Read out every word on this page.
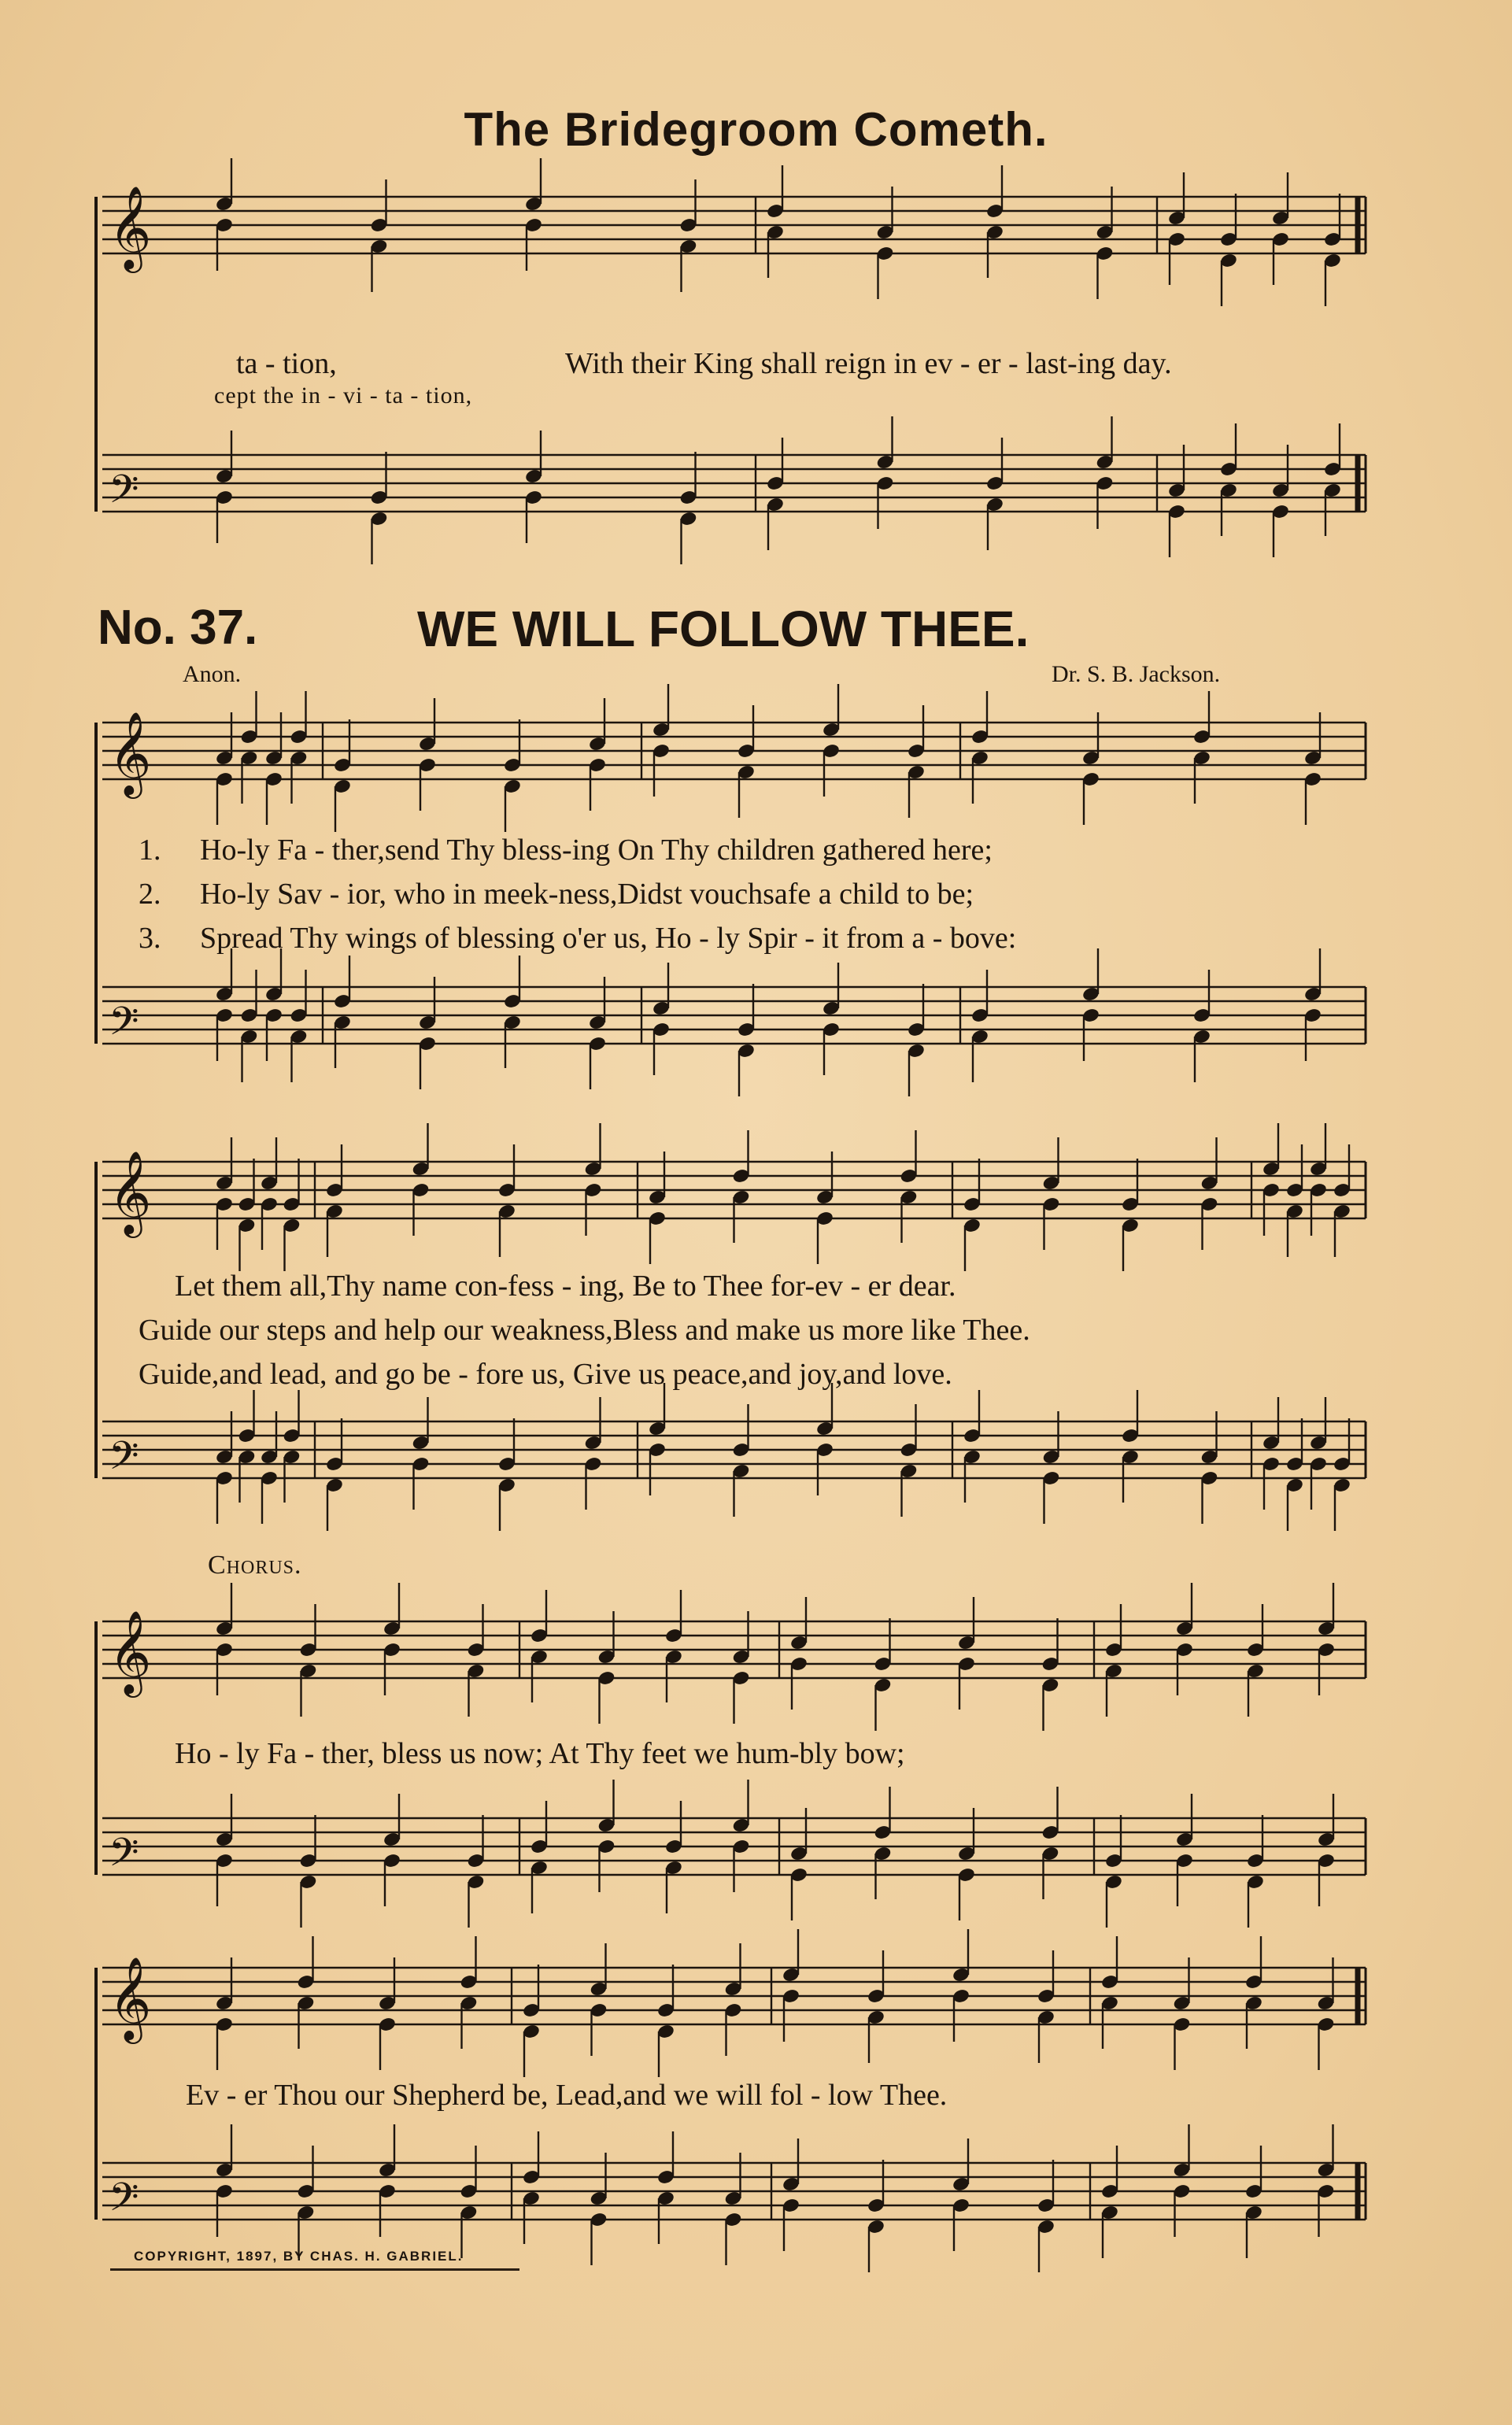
𝄞
𝄢
𝄞
𝄢
𝄞
𝄢
𝄞
𝄢
𝄞
𝄢
The Bridegroom Cometh.
ta - tion,	With their King shall reign in ev - er - last-ing day.
cept the in - vi - ta - tion,
No. 37.	WE WILL FOLLOW THEE.
Anon.	Dr. S. B. Jackson.
1.
2.
3.
Ho-ly Fa - ther,send Thy bless-ing On Thy children gathered here;
Ho-ly Sav - ior, who in meek-ness,Didst vouchsafe a child to be;
Spread Thy wings of blessing o'er us, Ho - ly Spir - it from a - bove:
Let them all,Thy name con-fess - ing, Be to Thee for-ev - er dear.
Guide our steps and help our weakness,Bless and make us more like Thee.
Guide,and lead, and go be - fore us, Give us peace,and joy,and love.
Chorus.
Ho - ly Fa - ther, bless us now; At Thy feet we hum-bly bow;
Ev - er Thou our Shepherd be, Lead,and we will fol - low Thee.
COPYRIGHT, 1897, BY CHAS. H. GABRIEL.
